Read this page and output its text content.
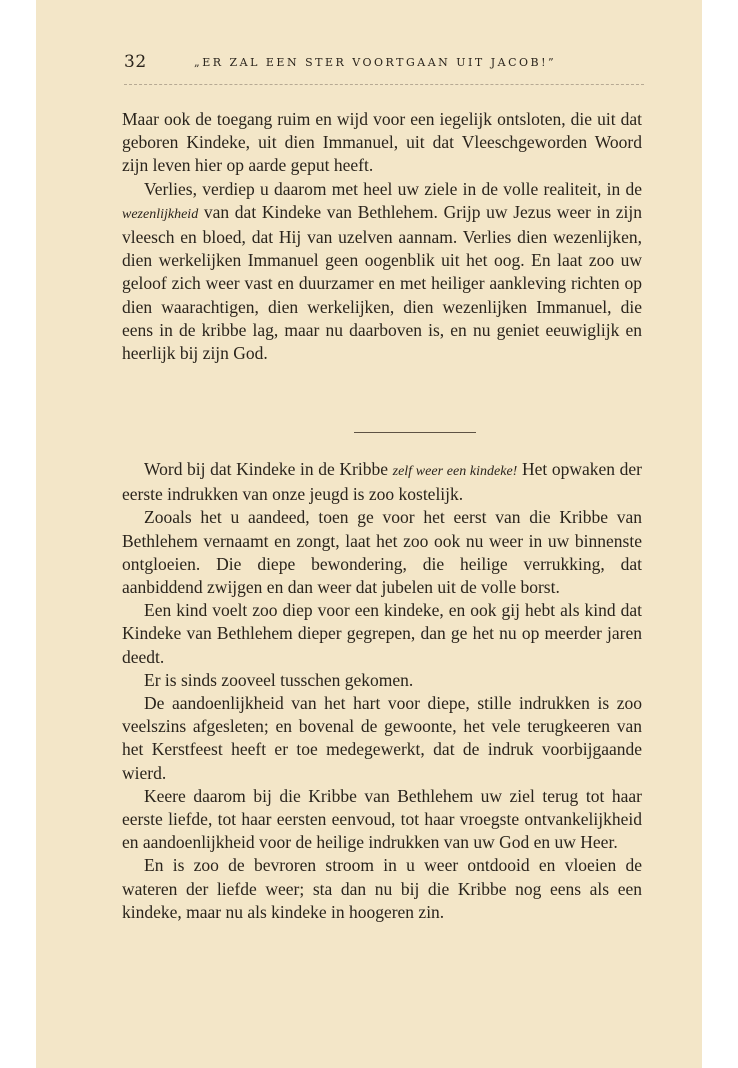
32	„ER ZAL EEN STER VOORTGAAN UIT JACOB!”

Maar ook de toegang ruim en wijd voor een iegelijk ontsloten, die uit dat geboren Kindeke, uit dien Immanuel, uit dat Vleeschgeworden Woord zijn leven hier op aarde geput heeft.

Verlies, verdiep u daarom met heel uw ziele in de volle realiteit, in de wezenlijkheid van dat Kindeke van Bethlehem. Grijp uw Jezus weer in zijn vleesch en bloed, dat Hij van uzelven aannam. Verlies dien wezenlijken, dien werkelijken Immanuel geen oogenblik uit het oog. En laat zoo uw geloof zich weer vast en duurzamer en met heiliger aankleving richten op dien waarachtigen, dien werkelijken, dien wezenlijken Immanuel, die eens in de kribbe lag, maar nu daarboven is, en nu geniet eeuwiglijk en heerlijk bij zijn God.

Word bij dat Kindeke in de Kribbe zelf weer een kindeke! Het opwaken der eerste indrukken van onze jeugd is zoo kostelijk.

Zooals het u aandeed, toen ge voor het eerst van die Kribbe van Bethlehem vernaamt en zongt, laat het zoo ook nu weer in uw binnenste ontgloeien. Die diepe bewondering, die heilige verrukking, dat aanbiddend zwijgen en dan weer dat jubelen uit de volle borst.

Een kind voelt zoo diep voor een kindeke, en ook gij hebt als kind dat Kindeke van Bethlehem dieper gegrepen, dan ge het nu op meerder jaren deedt.

Er is sinds zooveel tusschen gekomen.

De aandoenlijkheid van het hart voor diepe, stille indrukken is zoo veelszins afgesleten; en bovenal de gewoonte, het vele terugkeeren van het Kerstfeest heeft er toe medegewerkt, dat de indruk voorbijgaande wierd.

Keere daarom bij die Kribbe van Bethlehem uw ziel terug tot haar eerste liefde, tot haar eersten eenvoud, tot haar vroegste ontvankelijkheid en aandoenlijkheid voor de heilige indrukken van uw God en uw Heer.

En is zoo de bevroren stroom in u weer ontdooid en vloeien de wateren der liefde weer; sta dan nu bij die Kribbe nog eens als een kindeke, maar nu als kindeke in hoogeren zin.
